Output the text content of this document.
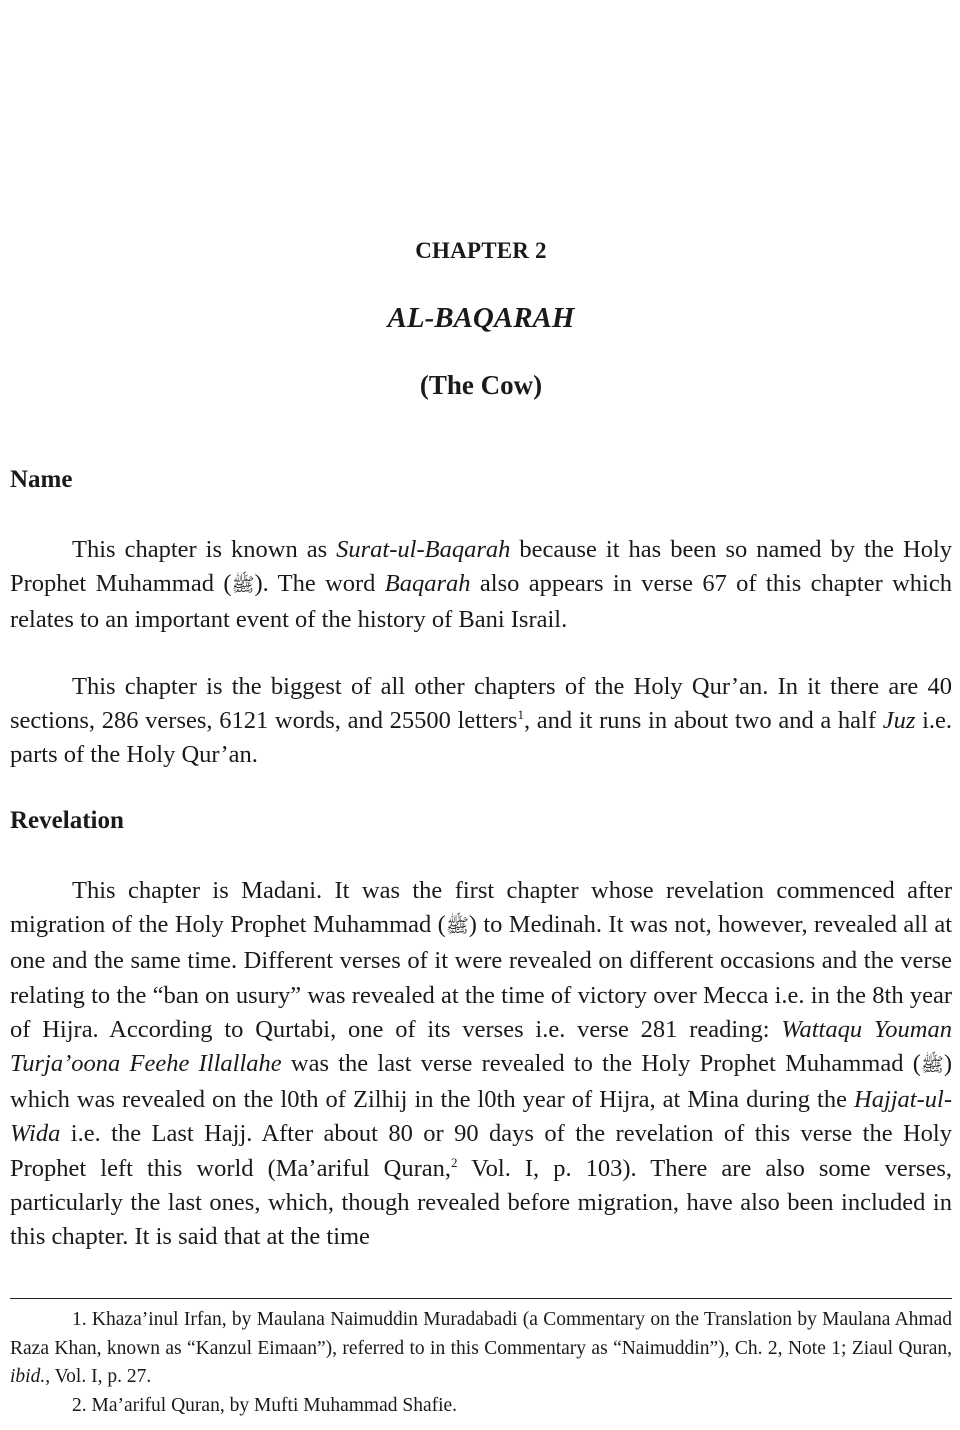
CHAPTER 2
AL-BAQARAH
(The Cow)
Name

This chapter is known as Surat-ul-Baqarah because it has been so named by the Holy Prophet Muhammad (ﷺ). The word Baqarah also appears in verse 67 of this chapter which relates to an important event of the history of Bani Israil.

This chapter is the biggest of all other chapters of the Holy Qur’an. In it there are 40 sections, 286 verses, 6121 words, and 25500 letters$^1$, and it runs in about two and a half Juz i.e. parts of the Holy Qur’an.

Revelation

This chapter is Madani. It was the first chapter whose revelation commenced after migration of the Holy Prophet Muhammad (ﷺ) to Medinah. It was not, however, revealed all at one and the same time. Different verses of it were revealed on different occasions and the verse relating to the “ban on usury” was revealed at the time of victory over Mecca i.e. in the 8th year of Hijra. According to Qurtabi, one of its verses i.e. verse 281 reading: Wattaqu Youman Turja’oona Feehe Illallahe was the last verse revealed to the Holy Prophet Muhammad (ﷺ) which was revealed on the l0th of Zilhij in the l0th year of Hijra, at Mina during the Hajjat-ul-Wida i.e. the Last Hajj. After about 80 or 90 days of the revelation of this verse the Holy Prophet left this world (Ma’ariful Quran,$^2$ Vol. I, p. 103). There are also some verses, particularly the last ones, which, though revealed before migration, have also been included in this chapter. It is said that at the time

1. Khaza’inul Irfan, by Maulana Naimuddin Muradabadi (a Commentary on the Translation by Maulana Ahmad Raza Khan, known as “Kanzul Eimaan”), referred to in this Commentary as “Naimuddin”), Ch. 2, Note 1; Ziaul Quran, ibid., Vol. I, p. 27.

2. Ma’ariful Quran, by Mufti Muhammad Shafie.
